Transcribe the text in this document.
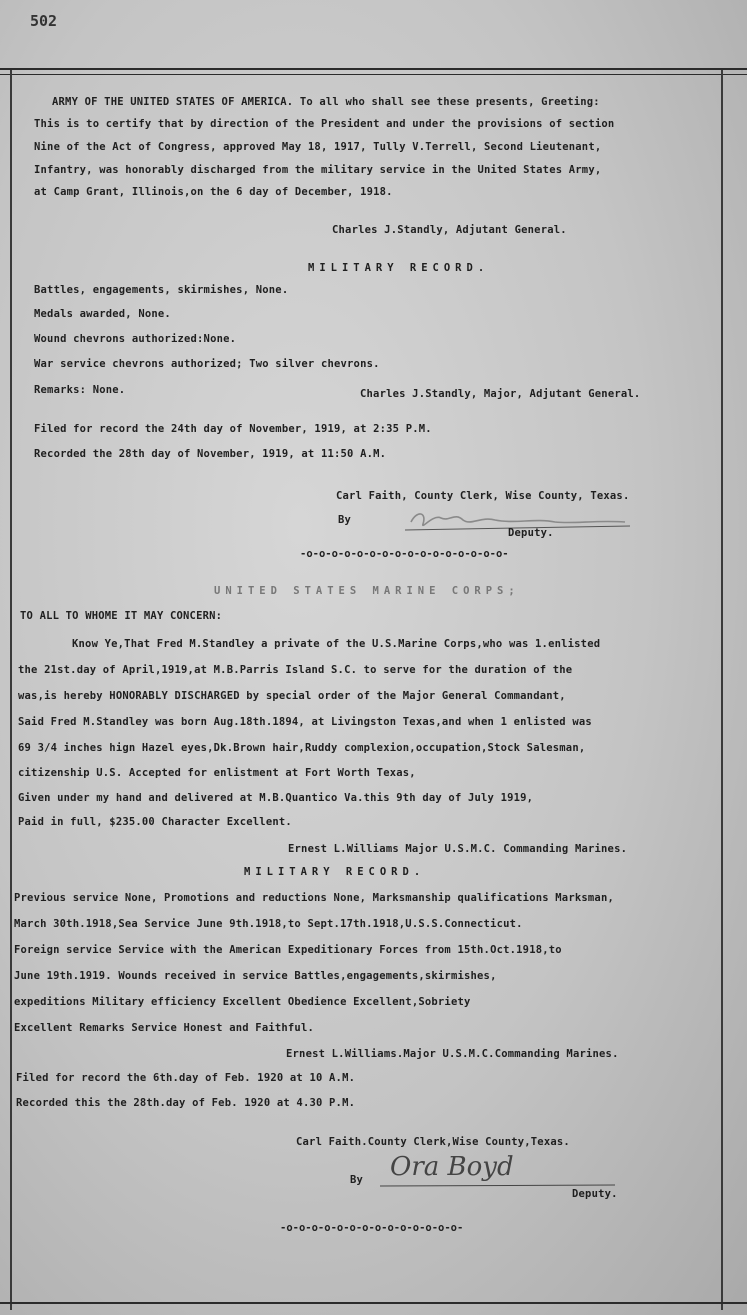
502
ARMY OF THE UNITED STATES OF AMERICA. To all who shall see these presents, Greeting:
This is to certify that by direction of the President and under the provisions of section
Nine of the Act of Congress, approved May 18, 1917, Tully V.Terrell, Second Lieutenant,
Infantry, was honorably discharged from the military service in the United States Army,
at Camp Grant, Illinois,on the 6 day of December, 1918.
Charles J.Standly, Adjutant General.
MILITARY RECORD.
Battles, engagements, skirmishes, None.
Medals awarded, None.
Wound chevrons authorized:None.
War service chevrons authorized; Two silver chevrons.
Remarks: None.	Charles J.Standly, Major, Adjutant General.
Filed for record the 24th day of November, 1919, at 2:35 P.M.
Recorded the 28th day of November, 1919, at 11:50 A.M.
Carl Faith, County Clerk, Wise County, Texas.
By
Deputy.
-o-o-o-o-o-o-o-o-o-o-o-o-o-o-o-o-
UNITED STATES MARINE CORPS;
TO ALL TO WHOME IT MAY CONCERN:
Know Ye,That Fred M.Standley a private of the U.S.Marine Corps,who was 1.enlisted
the 21st.day of April,1919,at M.B.Parris Island S.C. to serve for the duration of the
was,is hereby HONORABLY DISCHARGED by special order of the Major General Commandant,
Said Fred M.Standley was born Aug.18th.1894, at Livingston Texas,and when 1 enlisted was
69 3/4 inches hign Hazel eyes,Dk.Brown hair,Ruddy complexion,occupation,Stock Salesman,
citizenship U.S. Accepted for enlistment at Fort Worth Texas,
Given under my hand and delivered at M.B.Quantico Va.this 9th day of July 1919,
Paid in full, $235.00 Character Excellent.
Ernest L.Williams Major U.S.M.C. Commanding Marines.
MILITARY RECORD.
Previous service None, Promotions and reductions None, Marksmanship qualifications Marksman,
March 30th.1918,Sea Service June 9th.1918,to Sept.17th.1918,U.S.S.Connecticut.
Foreign service Service with the American Expeditionary Forces from 15th.Oct.1918,to
June 19th.1919. Wounds received in service Battles,engagements,skirmishes,
expeditions Military efficiency Excellent Obedience Excellent,Sobriety
Excellent Remarks Service Honest and Faithful.
Ernest L.Williams.Major U.S.M.C.Commanding Marines.
Filed for record the 6th.day of Feb. 1920 at 10 A.M.
Recorded this the 28th.day of Feb. 1920 at 4.30 P.M.
Carl Faith.County Clerk,Wise County,Texas.
By Ora Boyd
Deputy.
-o-o-o-o-o-o-o-o-o-o-o-o-o-o-
